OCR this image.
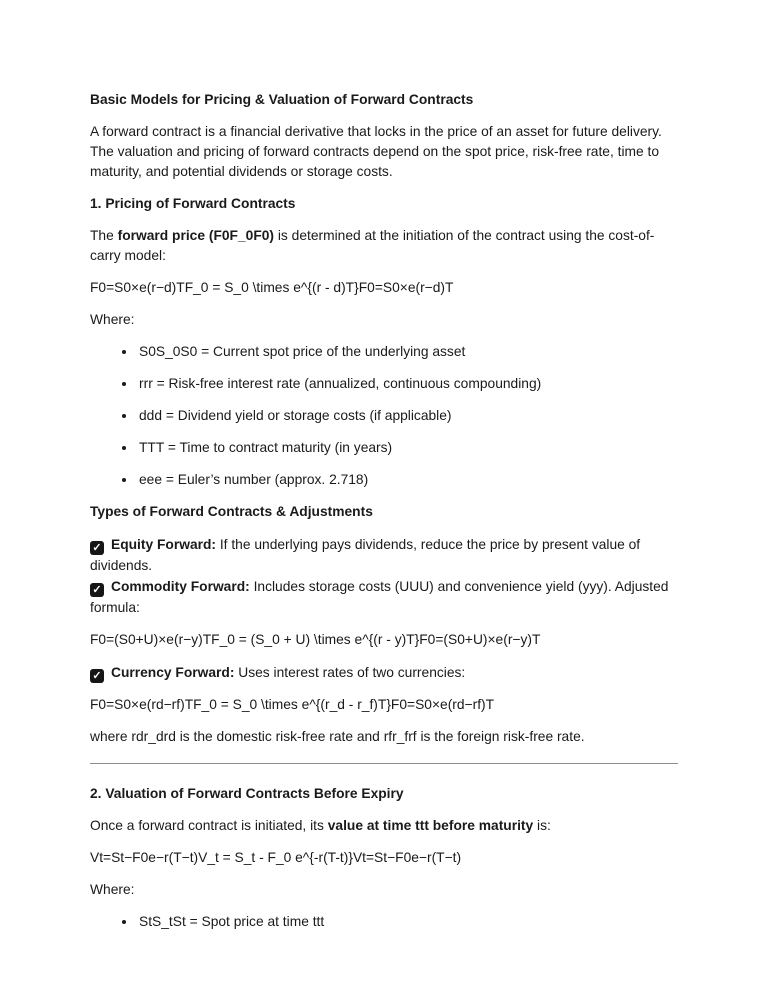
Basic Models for Pricing & Valuation of Forward Contracts

A forward contract is a financial derivative that locks in the price of an asset for future delivery. The valuation and pricing of forward contracts depend on the spot price, risk-free rate, time to maturity, and potential dividends or storage costs.

1. Pricing of Forward Contracts

The forward price (F0F_0F0) is determined at the initiation of the contract using the cost-of-carry model:

F0=S0×e(r−d)TF_0 = S_0 \times e^{(r - d)T}F0=S0×e(r−d)T

Where:

• S0S_0S0 = Current spot price of the underlying asset
• rrr = Risk-free interest rate (annualized, continuous compounding)
• ddd = Dividend yield or storage costs (if applicable)
• TTT = Time to contract maturity (in years)
• eee = Euler’s number (approx. 2.718)

Types of Forward Contracts & Adjustments

✓ Equity Forward: If the underlying pays dividends, reduce the price by present value of dividends.

✓ Commodity Forward: Includes storage costs (UUU) and convenience yield (yyy). Adjusted formula:

F0=(S0+U)×e(r−y)TF_0 = (S_0 + U) \times e^{(r - y)T}F0=(S0+U)×e(r−y)T

✓ Currency Forward: Uses interest rates of two currencies:

F0=S0×e(rd−rf)TF_0 = S_0 \times e^{(r_d - r_f)T}F0=S0×e(rd−rf)T

where rdr_drd is the domestic risk-free rate and rfr_frf is the foreign risk-free rate.

2. Valuation of Forward Contracts Before Expiry

Once a forward contract is initiated, its value at time ttt before maturity is:

Vt=St−F0e−r(T−t)V_t = S_t - F_0 e^{-r(T-t)}Vt=St−F0e−r(T−t)

Where:

• StS_tSt = Spot price at time ttt
